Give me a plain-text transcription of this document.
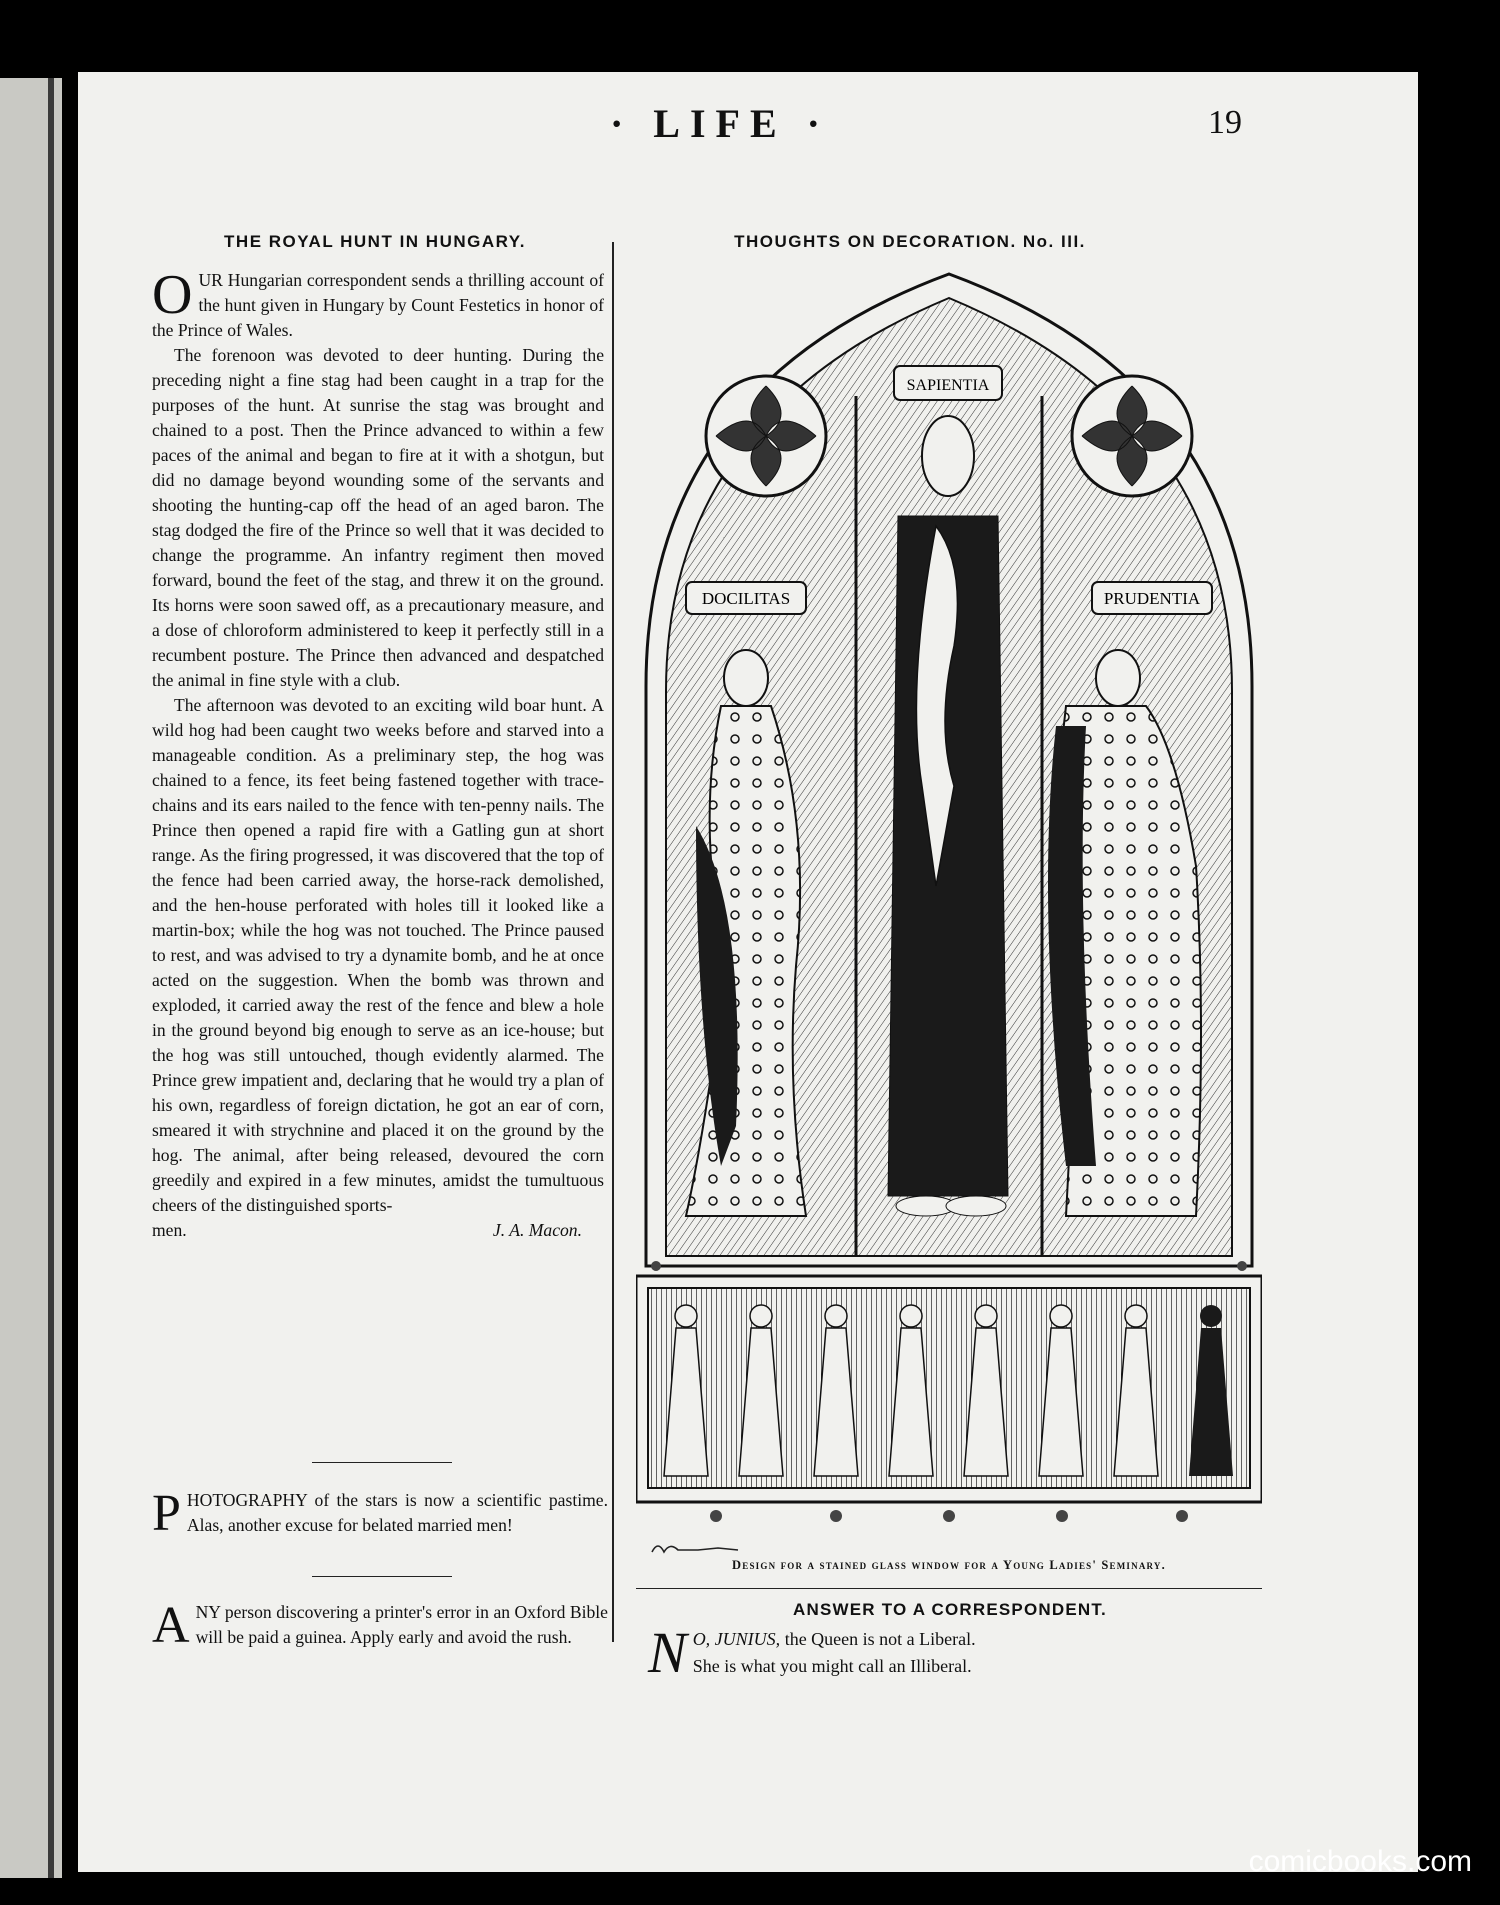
· LIFE ·	19
THE ROYAL HUNT IN HUNGARY.

OUR Hungarian correspondent sends a thrilling account of the hunt given in Hungary by Count Festetics in honor of the Prince of Wales.

The forenoon was devoted to deer hunting. During the preceding night a fine stag had been caught in a trap for the purposes of the hunt. At sunrise the stag was brought and chained to a post. Then the Prince advanced to within a few paces of the animal and began to fire at it with a shotgun, but did no damage beyond wounding some of the servants and shooting the hunting-cap off the head of an aged baron. The stag dodged the fire of the Prince so well that it was decided to change the programme. An infantry regiment then moved forward, bound the feet of the stag, and threw it on the ground. Its horns were soon sawed off, as a precautionary measure, and a dose of chloroform administered to keep it perfectly still in a recumbent posture. The Prince then advanced and despatched the animal in fine style with a club.

The afternoon was devoted to an exciting wild boar hunt. A wild hog had been caught two weeks before and starved into a manageable condition. As a preliminary step, the hog was chained to a fence, its feet being fastened together with trace-chains and its ears nailed to the fence with ten-penny nails. The Prince then opened a rapid fire with a Gatling gun at short range. As the firing progressed, it was discovered that the top of the fence had been carried away, the horse-rack demolished, and the hen-house perforated with holes till it looked like a martin-box; while the hog was not touched. The Prince paused to rest, and was advised to try a dynamite bomb, and he at once acted on the suggestion. When the bomb was thrown and exploded, it carried away the rest of the fence and blew a hole in the ground beyond big enough to serve as an ice-house; but the hog was still untouched, though evidently alarmed. The Prince grew impatient and, declaring that he would try a plan of his own, regardless of foreign dictation, he got an ear of corn, smeared it with strychnine and placed it on the ground by the hog. The animal, after being released, devoured the corn greedily and expired in a few minutes, amidst the tumultuous cheers of the distinguished sports-

men.	J. A. Macon.

PHOTOGRAPHY of the stars is now a scientific pastime. Alas, another excuse for belated married men!

ANY person discovering a printer's error in an Oxford Bible will be paid a guinea. Apply early and avoid the rush.

THOUGHTS ON DECORATION. No. III.
SAPIENTIA
DOCILITAS	PRUDENTIA
Design for a stained glass window for a Young Ladies' Seminary.
ANSWER TO A CORRESPONDENT.
N O, JUNIUS, the Queen is not a Liberal.
She is what you might call an Illiberal.
comicbooks.com
